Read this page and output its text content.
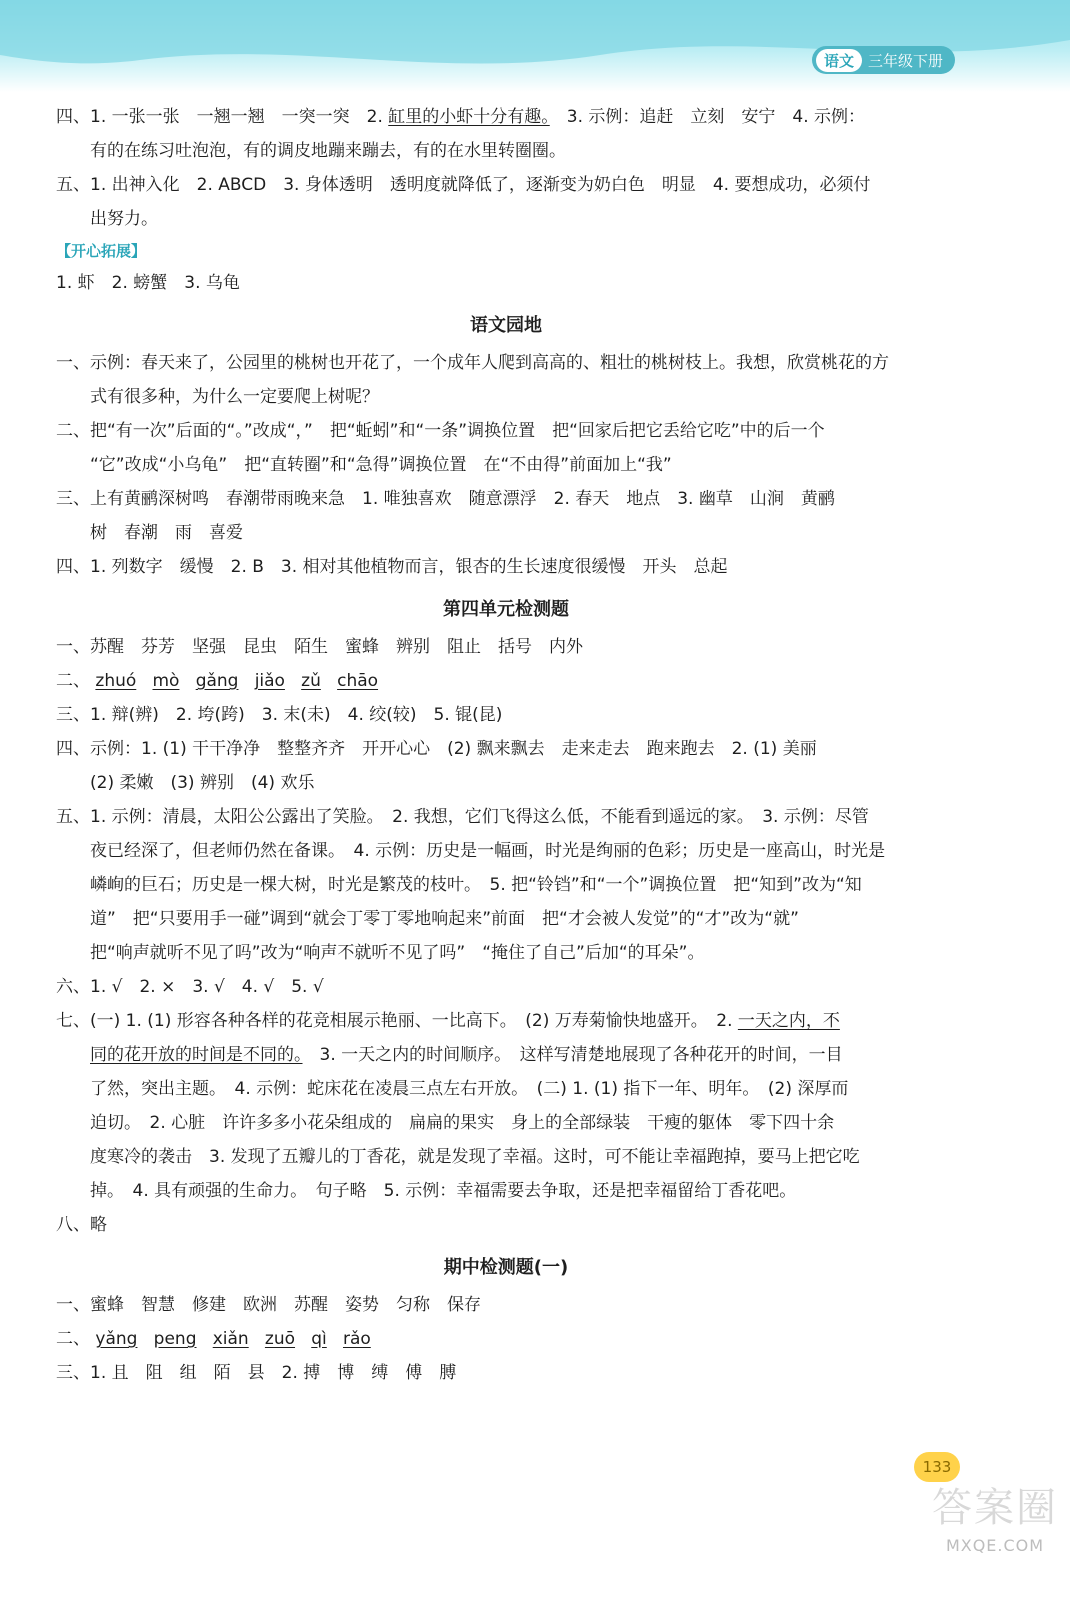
语文 三年级下册
四、1. 一张一张　一翘一翘　一突一突　2. 缸里的小虾十分有趣。　3. 示例：追赶　立刻　安宁　4. 示例：
有的在练习吐泡泡，有的调皮地蹦来蹦去，有的在水里转圈圈。
五、1. 出神入化　2. ABCD　3. 身体透明　透明度就降低了，逐渐变为奶白色　明显　4. 要想成功，必须付
出努力。
【开心拓展】
1. 虾　2. 螃蟹　3. 乌龟
语文园地
一、示例：春天来了，公园里的桃树也开花了，一个成年人爬到高高的、粗壮的桃树枝上。我想，欣赏桃花的方
式有很多种，为什么一定要爬上树呢？
二、把“有一次”后面的“。”改成“，”　把“蚯蚓”和“一条”调换位置　把“回家后把它丢给它吃”中的后一个
“它”改成“小乌龟”　把“直转圈”和“急得”调换位置　在“不由得”前面加上“我”
三、上有黄鹂深树鸣　春潮带雨晚来急　1. 唯独喜欢　随意漂浮　2. 春天　地点　3. 幽草　山涧　黄鹂
树　春潮　雨　喜爱
四、1. 列数字　缓慢　2. B　3. 相对其他植物而言，银杏的生长速度很缓慢　开头　总起
第四单元检测题
一、苏醒　芬芳　坚强　昆虫　陌生　蜜蜂　辨别　阻止　括号　内外
二、 zhuó mò gǎng jiǎo zǔ chāo
三、1. 辩(辨)　2. 垮(跨)　3. 末(未)　4. 绞(较)　5. 锟(昆)
四、示例：1. (1) 干干净净　整整齐齐　开开心心　(2) 飘来飘去　走来走去　跑来跑去　2. (1) 美丽
(2) 柔嫩　(3) 辨别　(4) 欢乐
五、1. 示例：清晨，太阳公公露出了笑脸。　2. 我想，它们飞得这么低，不能看到遥远的家。　3. 示例：尽管
夜已经深了，但老师仍然在备课。　4. 示例：历史是一幅画，时光是绚丽的色彩；历史是一座高山，时光是
嶙峋的巨石；历史是一棵大树，时光是繁茂的枝叶。　5. 把“铃铛”和“一个”调换位置　把“知到”改为“知
道”　把“只要用手一碰”调到“就会丁零丁零地响起来”前面　把“才会被人发觉”的“才”改为“就”
把“响声就听不见了吗”改为“响声不就听不见了吗”　“掩住了自己”后加“的耳朵”。
六、1. √　2. ×　3. √　4. √　5. √
七、(一) 1. (1) 形容各种各样的花竞相展示艳丽、一比高下。　(2) 万寿菊愉快地盛开。　2. 一天之内，不
同的花开放的时间是不同的。　3. 一天之内的时间顺序。　这样写清楚地展现了各种花开的时间，一目
了然，突出主题。　4. 示例：蛇床花在凌晨三点左右开放。　(二) 1. (1) 指下一年、明年。　(2) 深厚而
迫切。　2. 心脏　许许多多小花朵组成的　扁扁的果实　身上的全部绿装　干瘦的躯体　零下四十余
度寒冷的袭击　3. 发现了五瓣儿的丁香花，就是发现了幸福。这时，可不能让幸福跑掉，要马上把它吃
掉。　4. 具有顽强的生命力。　句子略　5. 示例：幸福需要去争取，还是把幸福留给丁香花吧。
八、略
期中检测题(一)
一、蜜蜂　智慧　修建　欧洲　苏醒　姿势　匀称　保存
二、 yǎng peng xiǎn zuō qì rǎo
三、1. 且　阻　组　陌　县　2. 搏　博　缚　傅　膊
133
答案圈
MXQE.COM
